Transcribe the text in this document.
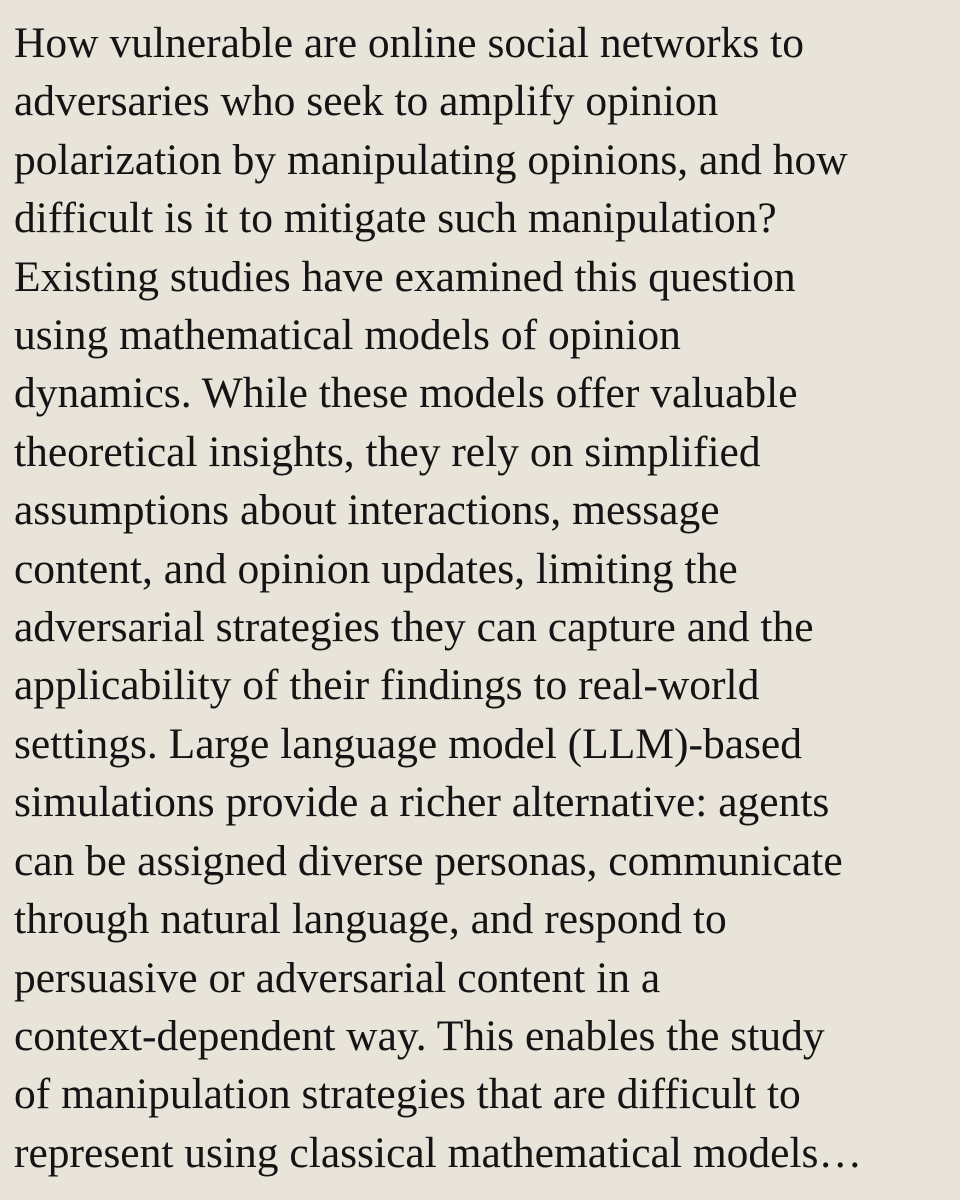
How vulnerable are online social networks to
adversaries who seek to amplify opinion
polarization by manipulating opinions, and how
difficult is it to mitigate such manipulation?
Existing studies have examined this question
using mathematical models of opinion
dynamics. While these models offer valuable
theoretical insights, they rely on simplified
assumptions about interactions, message
content, and opinion updates, limiting the
adversarial strategies they can capture and the
applicability of their findings to real-world
settings. Large language model (LLM)-based
simulations provide a richer alternative: agents
can be assigned diverse personas, communicate
through natural language, and respond to
persuasive or adversarial content in a
context-dependent way. This enables the study
of manipulation strategies that are difficult to
represent using classical mathematical models…
